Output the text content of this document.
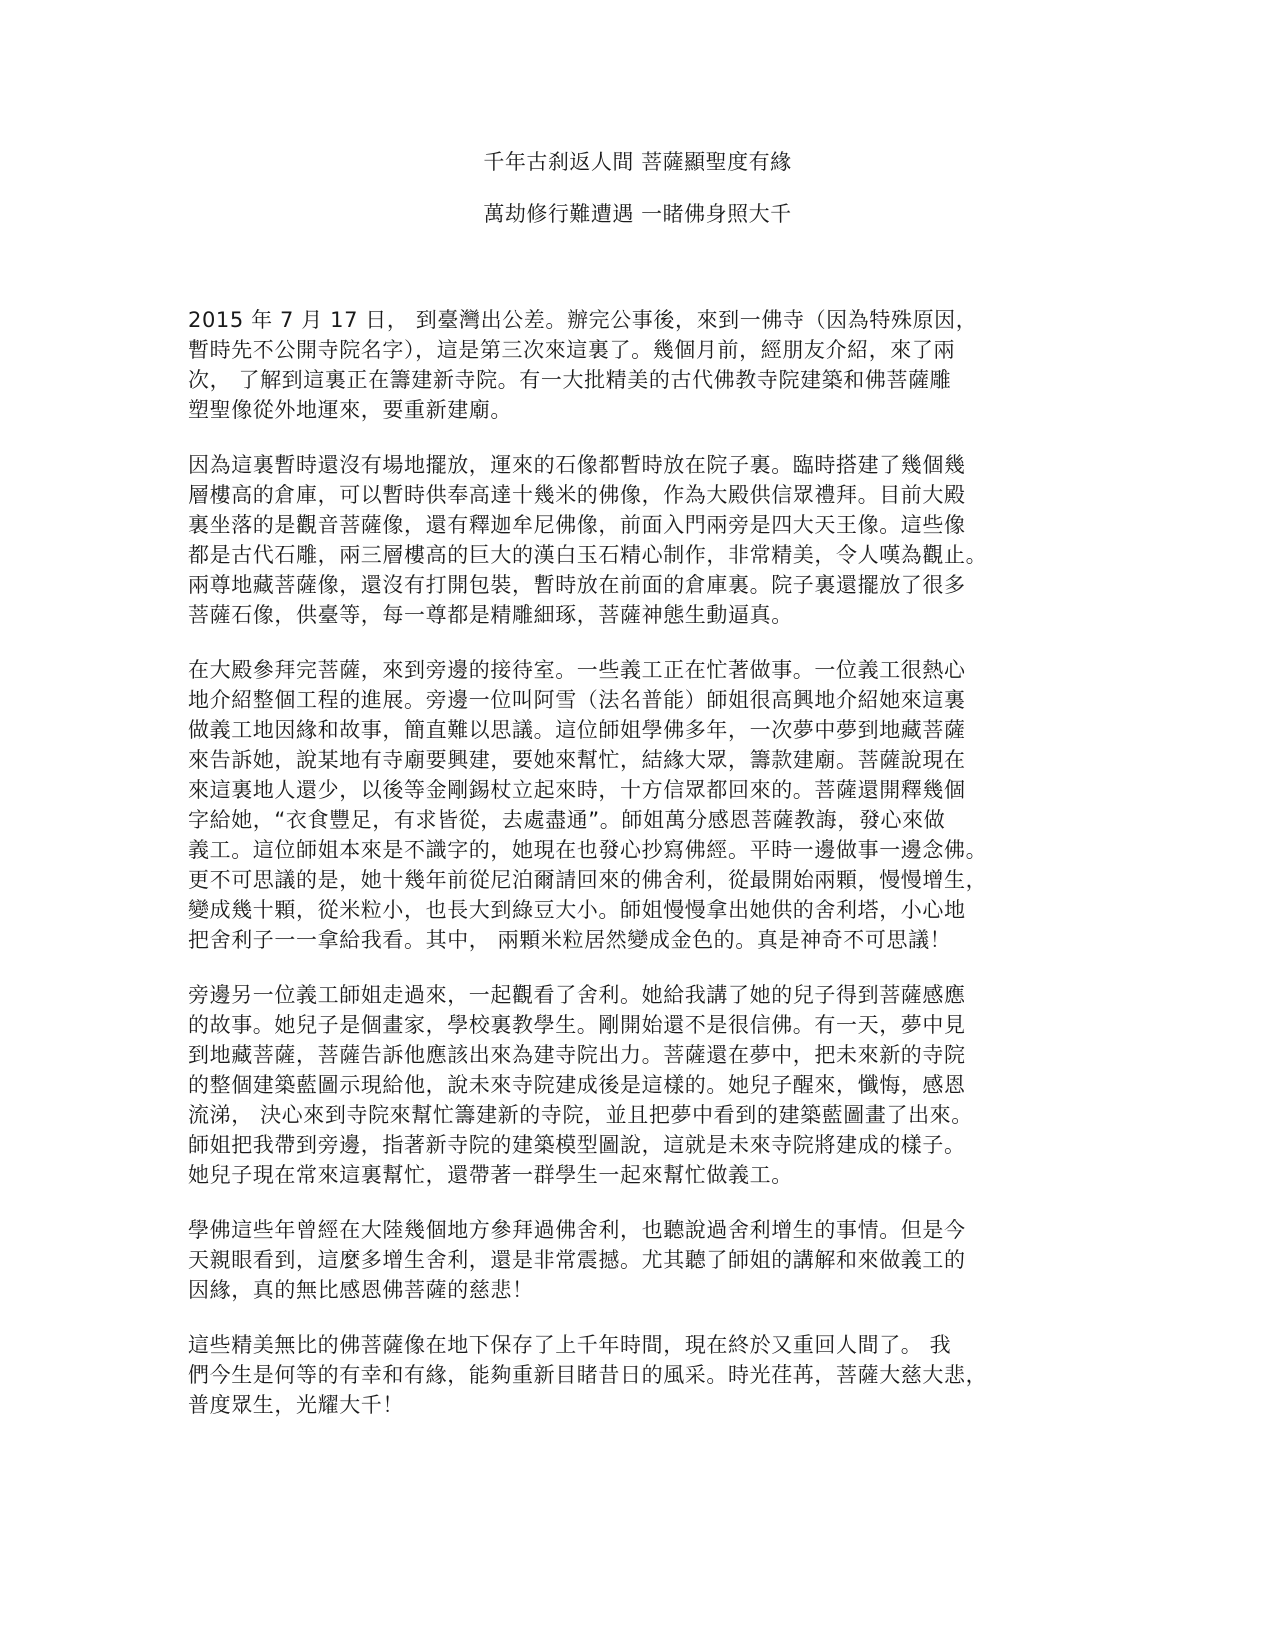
千年古刹返人間 菩薩顯聖度有緣

萬劫修行難遭遇 一睹佛身照大千

2015 年 7 月 17 日， 到臺灣出公差。辦完公事後，來到一佛寺（因為特殊原因，
暫時先不公開寺院名字），這是第三次來這裏了。幾個月前，經朋友介紹，來了兩
次， 了解到這裏正在籌建新寺院。有一大批精美的古代佛教寺院建築和佛菩薩雕
塑聖像從外地運來，要重新建廟。
因為這裏暫時還沒有場地擺放，運來的石像都暫時放在院子裏。臨時搭建了幾個幾
層樓高的倉庫，可以暫時供奉高達十幾米的佛像，作為大殿供信眾禮拜。目前大殿
裏坐落的是觀音菩薩像，還有釋迦牟尼佛像，前面入門兩旁是四大天王像。這些像
都是古代石雕，兩三層樓高的巨大的漢白玉石精心制作，非常精美，令人嘆為觀止。
兩尊地藏菩薩像，還沒有打開包裝，暫時放在前面的倉庫裏。院子裏還擺放了很多
菩薩石像，供臺等，每一尊都是精雕細琢，菩薩神態生動逼真。
在大殿參拜完菩薩，來到旁邊的接待室。一些義工正在忙著做事。一位義工很熱心
地介紹整個工程的進展。旁邊一位叫阿雪（法名普能）師姐很高興地介紹她來這裏
做義工地因緣和故事，簡直難以思議。這位師姐學佛多年，一次夢中夢到地藏菩薩
來告訴她，說某地有寺廟要興建，要她來幫忙，結緣大眾，籌款建廟。菩薩說現在
來這裏地人還少，以後等金剛錫杖立起來時，十方信眾都回來的。菩薩還開釋幾個
字給她，“衣食豐足，有求皆從，去處盡通”。師姐萬分感恩菩薩教誨，發心來做
義工。這位師姐本來是不識字的，她現在也發心抄寫佛經。平時一邊做事一邊念佛。
更不可思議的是，她十幾年前從尼泊爾請回來的佛舍利，從最開始兩顆，慢慢增生，
變成幾十顆，從米粒小，也長大到綠豆大小。師姐慢慢拿出她供的舍利塔，小心地
把舍利子一一拿給我看。其中， 兩顆米粒居然變成金色的。真是神奇不可思議！
旁邊另一位義工師姐走過來，一起觀看了舍利。她給我講了她的兒子得到菩薩感應
的故事。她兒子是個畫家，學校裏教學生。剛開始還不是很信佛。有一天，夢中見
到地藏菩薩，菩薩告訴他應該出來為建寺院出力。菩薩還在夢中，把未來新的寺院
的整個建築藍圖示現給他，說未來寺院建成後是這樣的。她兒子醒來，懺悔，感恩
流涕， 決心來到寺院來幫忙籌建新的寺院，並且把夢中看到的建築藍圖畫了出來。
師姐把我帶到旁邊，指著新寺院的建築模型圖說，這就是未來寺院將建成的樣子。
她兒子現在常來這裏幫忙，還帶著一群學生一起來幫忙做義工。
學佛這些年曾經在大陸幾個地方參拜過佛舍利，也聽說過舍利增生的事情。但是今
天親眼看到，這麼多增生舍利，還是非常震撼。尤其聽了師姐的講解和來做義工的
因緣，真的無比感恩佛菩薩的慈悲！
這些精美無比的佛菩薩像在地下保存了上千年時間，現在終於又重回人間了。 我
們今生是何等的有幸和有緣，能夠重新目睹昔日的風采。時光荏苒，菩薩大慈大悲，
普度眾生，光耀大千！
